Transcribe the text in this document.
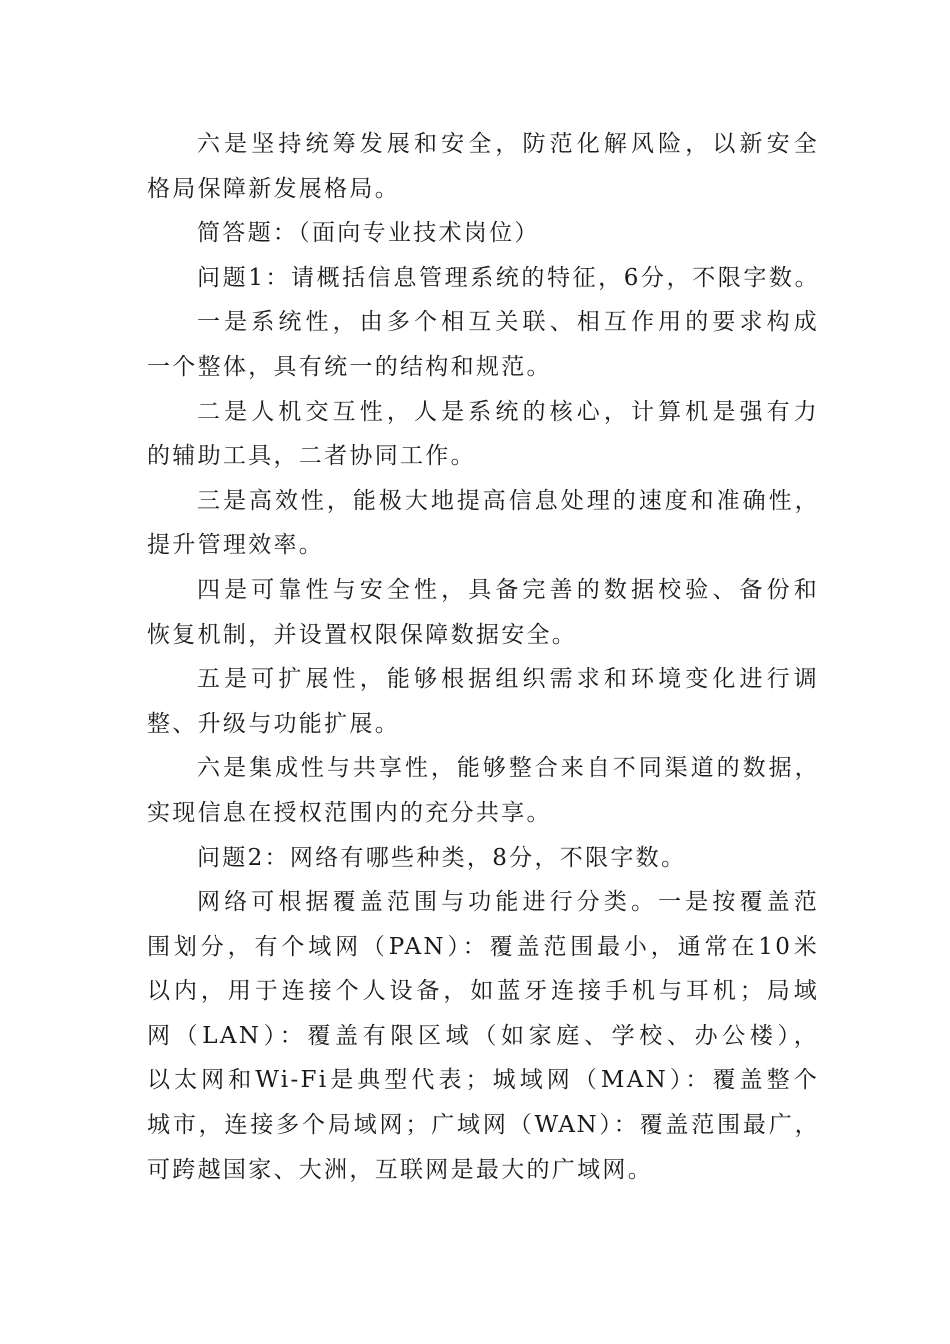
六是坚持统筹发展和安全，防范化解风险，以新安全
格局保障新发展格局。
简答题：（面向专业技术岗位）
问题1：请概括信息管理系统的特征，6分，不限字数。
一是系统性，由多个相互关联、相互作用的要求构成
一个整体，具有统一的结构和规范。
二是人机交互性，人是系统的核心，计算机是强有力
的辅助工具，二者协同工作。
三是高效性，能极大地提高信息处理的速度和准确性，
提升管理效率。
四是可靠性与安全性，具备完善的数据校验、备份和
恢复机制，并设置权限保障数据安全。
五是可扩展性，能够根据组织需求和环境变化进行调
整、升级与功能扩展。
六是集成性与共享性，能够整合来自不同渠道的数据，
实现信息在授权范围内的充分共享。
问题2：网络有哪些种类，8分，不限字数。
网络可根据覆盖范围与功能进行分类。一是按覆盖范
围划分，有个域网（PAN）：覆盖范围最小，通常在10米
以内，用于连接个人设备，如蓝牙连接手机与耳机；局域
网（LAN）：覆盖有限区域（如家庭、学校、办公楼），
以太网和Wi-Fi是典型代表；城域网（MAN）：覆盖整个
城市，连接多个局域网；广域网（WAN）：覆盖范围最广，
可跨越国家、大洲，互联网是最大的广域网。
